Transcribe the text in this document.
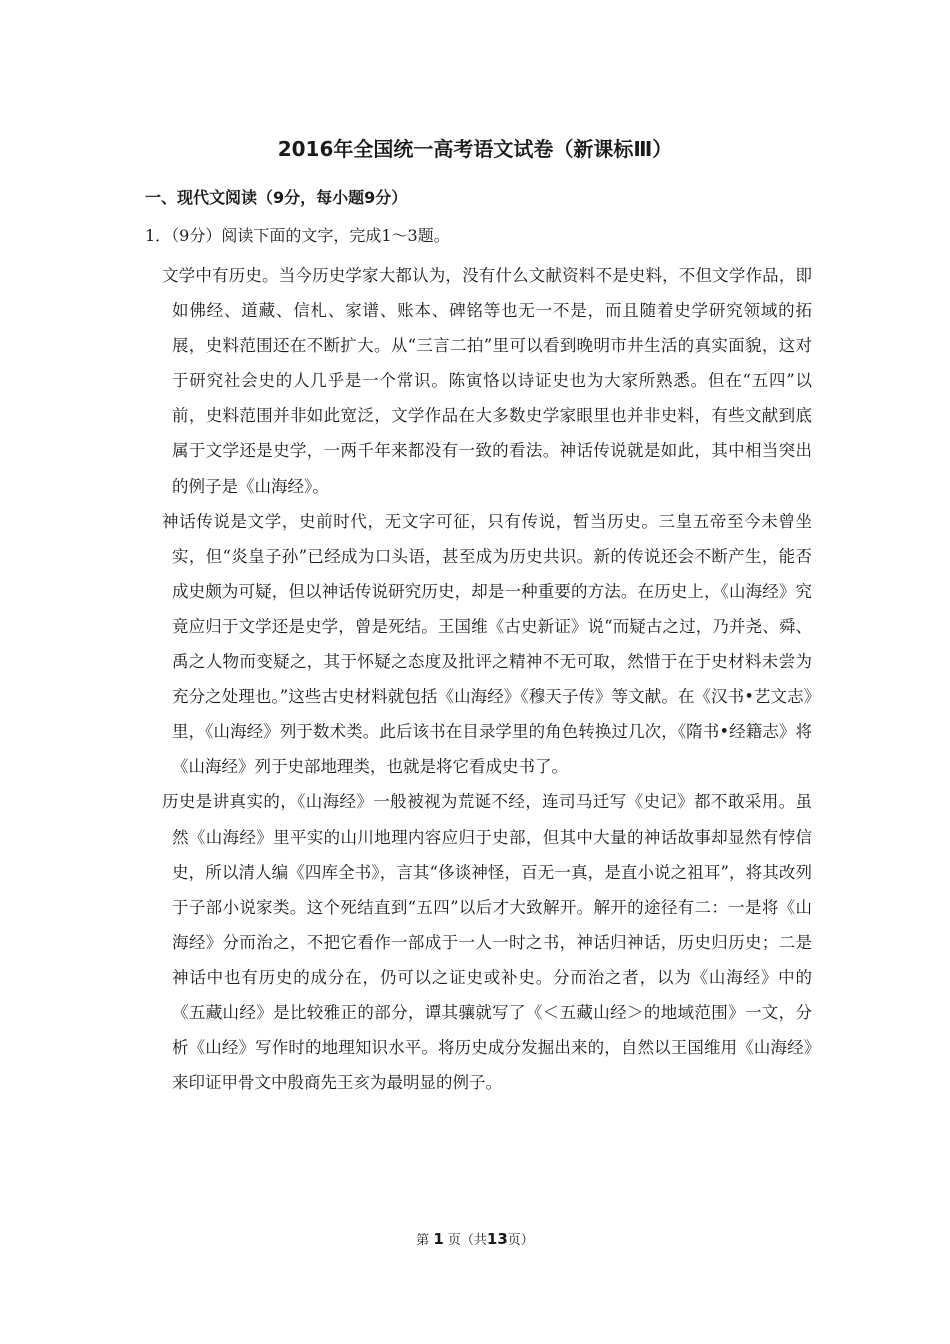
2016年全国统一高考语文试卷（新课标Ⅲ）
一、现代文阅读（9分，每小题9分）

1．（9分）阅读下面的文字，完成1～3题。

文学中有历史。当今历史学家大都认为，没有什么文献资料不是史料，不但文学作品，即如佛经、道藏、信札、家谱、账本、碑铭等也无一不是，而且随着史学研究领域的拓展，史料范围还在不断扩大。从“三言二拍”里可以看到晚明市井生活的真实面貌，这对于研究社会史的人几乎是一个常识。陈寅恪以诗证史也为大家所熟悉。但在“五四”以前，史料范围并非如此宽泛，文学作品在大多数史学家眼里也并非史料，有些文献到底属于文学还是史学，一两千年来都没有一致的看法。神话传说就是如此，其中相当突出的例子是《山海经》。

神话传说是文学，史前时代，无文字可征，只有传说，暂当历史。三皇五帝至今未曾坐实，但“炎皇子孙”已经成为口头语，甚至成为历史共识。新的传说还会不断产生，能否成史颇为可疑，但以神话传说研究历史，却是一种重要的方法。在历史上，《山海经》究竟应归于文学还是史学，曾是死结。王国维《古史新证》说“而疑古之过，乃并尧、舜、禹之人物而变疑之，其于怀疑之态度及批评之精神不无可取，然惜于在于史材料未尝为充分之处理也。”这些古史材料就包括《山海经》《穆天子传》等文献。在《汉书•艺文志》里，《山海经》列于数术类。此后该书在目录学里的角色转换过几次，《隋书•经籍志》将《山海经》列于史部地理类，也就是将它看成史书了。

历史是讲真实的，《山海经》一般被视为荒诞不经，连司马迁写《史记》都不敢采用。虽然《山海经》里平实的山川地理内容应归于史部，但其中大量的神话故事却显然有悖信史，所以清人编《四库全书》，言其“侈谈神怪，百无一真，是直小说之祖耳”，将其改列于子部小说家类。这个死结直到“五四”以后才大致解开。解开的途径有二：一是将《山海经》分而治之，不把它看作一部成于一人一时之书，神话归神话，历史归历史；二是神话中也有历史的成分在，仍可以之证史或补史。分而治之者，以为《山海经》中的《五藏山经》是比较雅正的部分，谭其骧就写了《＜五藏山经＞的地域范围》一文，分析《山经》写作时的地理知识水平。将历史成分发掘出来的，自然以王国维用《山海经》来印证甲骨文中殷商先王亥为最明显的例子。

第 1 页（共13页）
